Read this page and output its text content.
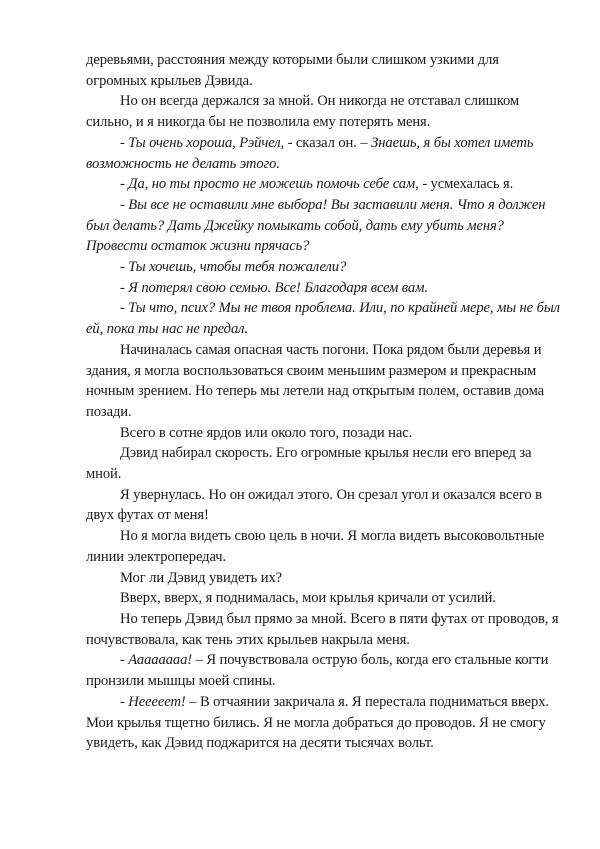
деревьями, расстояния между которыми были слишком узкими для огромных крыльев Дэвида.

Но он всегда держался за мной. Он никогда не отставал слишком сильно, и я никогда бы не позволила ему потерять меня.

- Ты очень хороша, Рэйчел, - сказал он. – Знаешь, я бы хотел иметь возможность не делать этого.

- Да, но ты просто не можешь помочь себе сам, - усмехалась я.

- Вы все не оставили мне выбора! Вы заставили меня. Что я должен был делать? Дать Джейку помыкать собой, дать ему убить меня? Провести остаток жизни прячась?

- Ты хочешь, чтобы тебя пожалели?

- Я потерял свою семью. Все! Благодаря всем вам.

- Ты что, псих? Мы не твоя проблема. Или, по крайней мере, мы не был ей, пока ты нас не предал.

Начиналась самая опасная часть погони. Пока рядом были деревья и здания, я могла воспользоваться своим меньшим размером и прекрасным ночным зрением. Но теперь мы летели над открытым полем, оставив дома позади.

Всего в сотне ярдов или около того, позади нас.

Дэвид набирал скорость. Его огромные крылья несли его вперед за мной.

Я увернулась. Но он ожидал этого. Он срезал угол и оказался всего в двух футах от меня!

Но я могла видеть свою цель в ночи. Я могла видеть высоковольтные линии электропередач.

Мог ли Дэвид увидеть их?

Вверх, вверх, я поднималась, мои крылья кричали от усилий.

Но теперь Дэвид был прямо за мной. Всего в пяти футах от проводов, я почувствовала, как тень этих крыльев накрыла меня.

- Аааааааа! – Я почувствовала острую боль, когда его стальные когти пронзили мышцы моей спины.

- Нееееет! – В отчаянии закричала я. Я перестала подниматься вверх. Мои крылья тщетно бились. Я не могла добраться до проводов. Я не смогу увидеть, как Дэвид поджарится на десяти тысячах вольт.
